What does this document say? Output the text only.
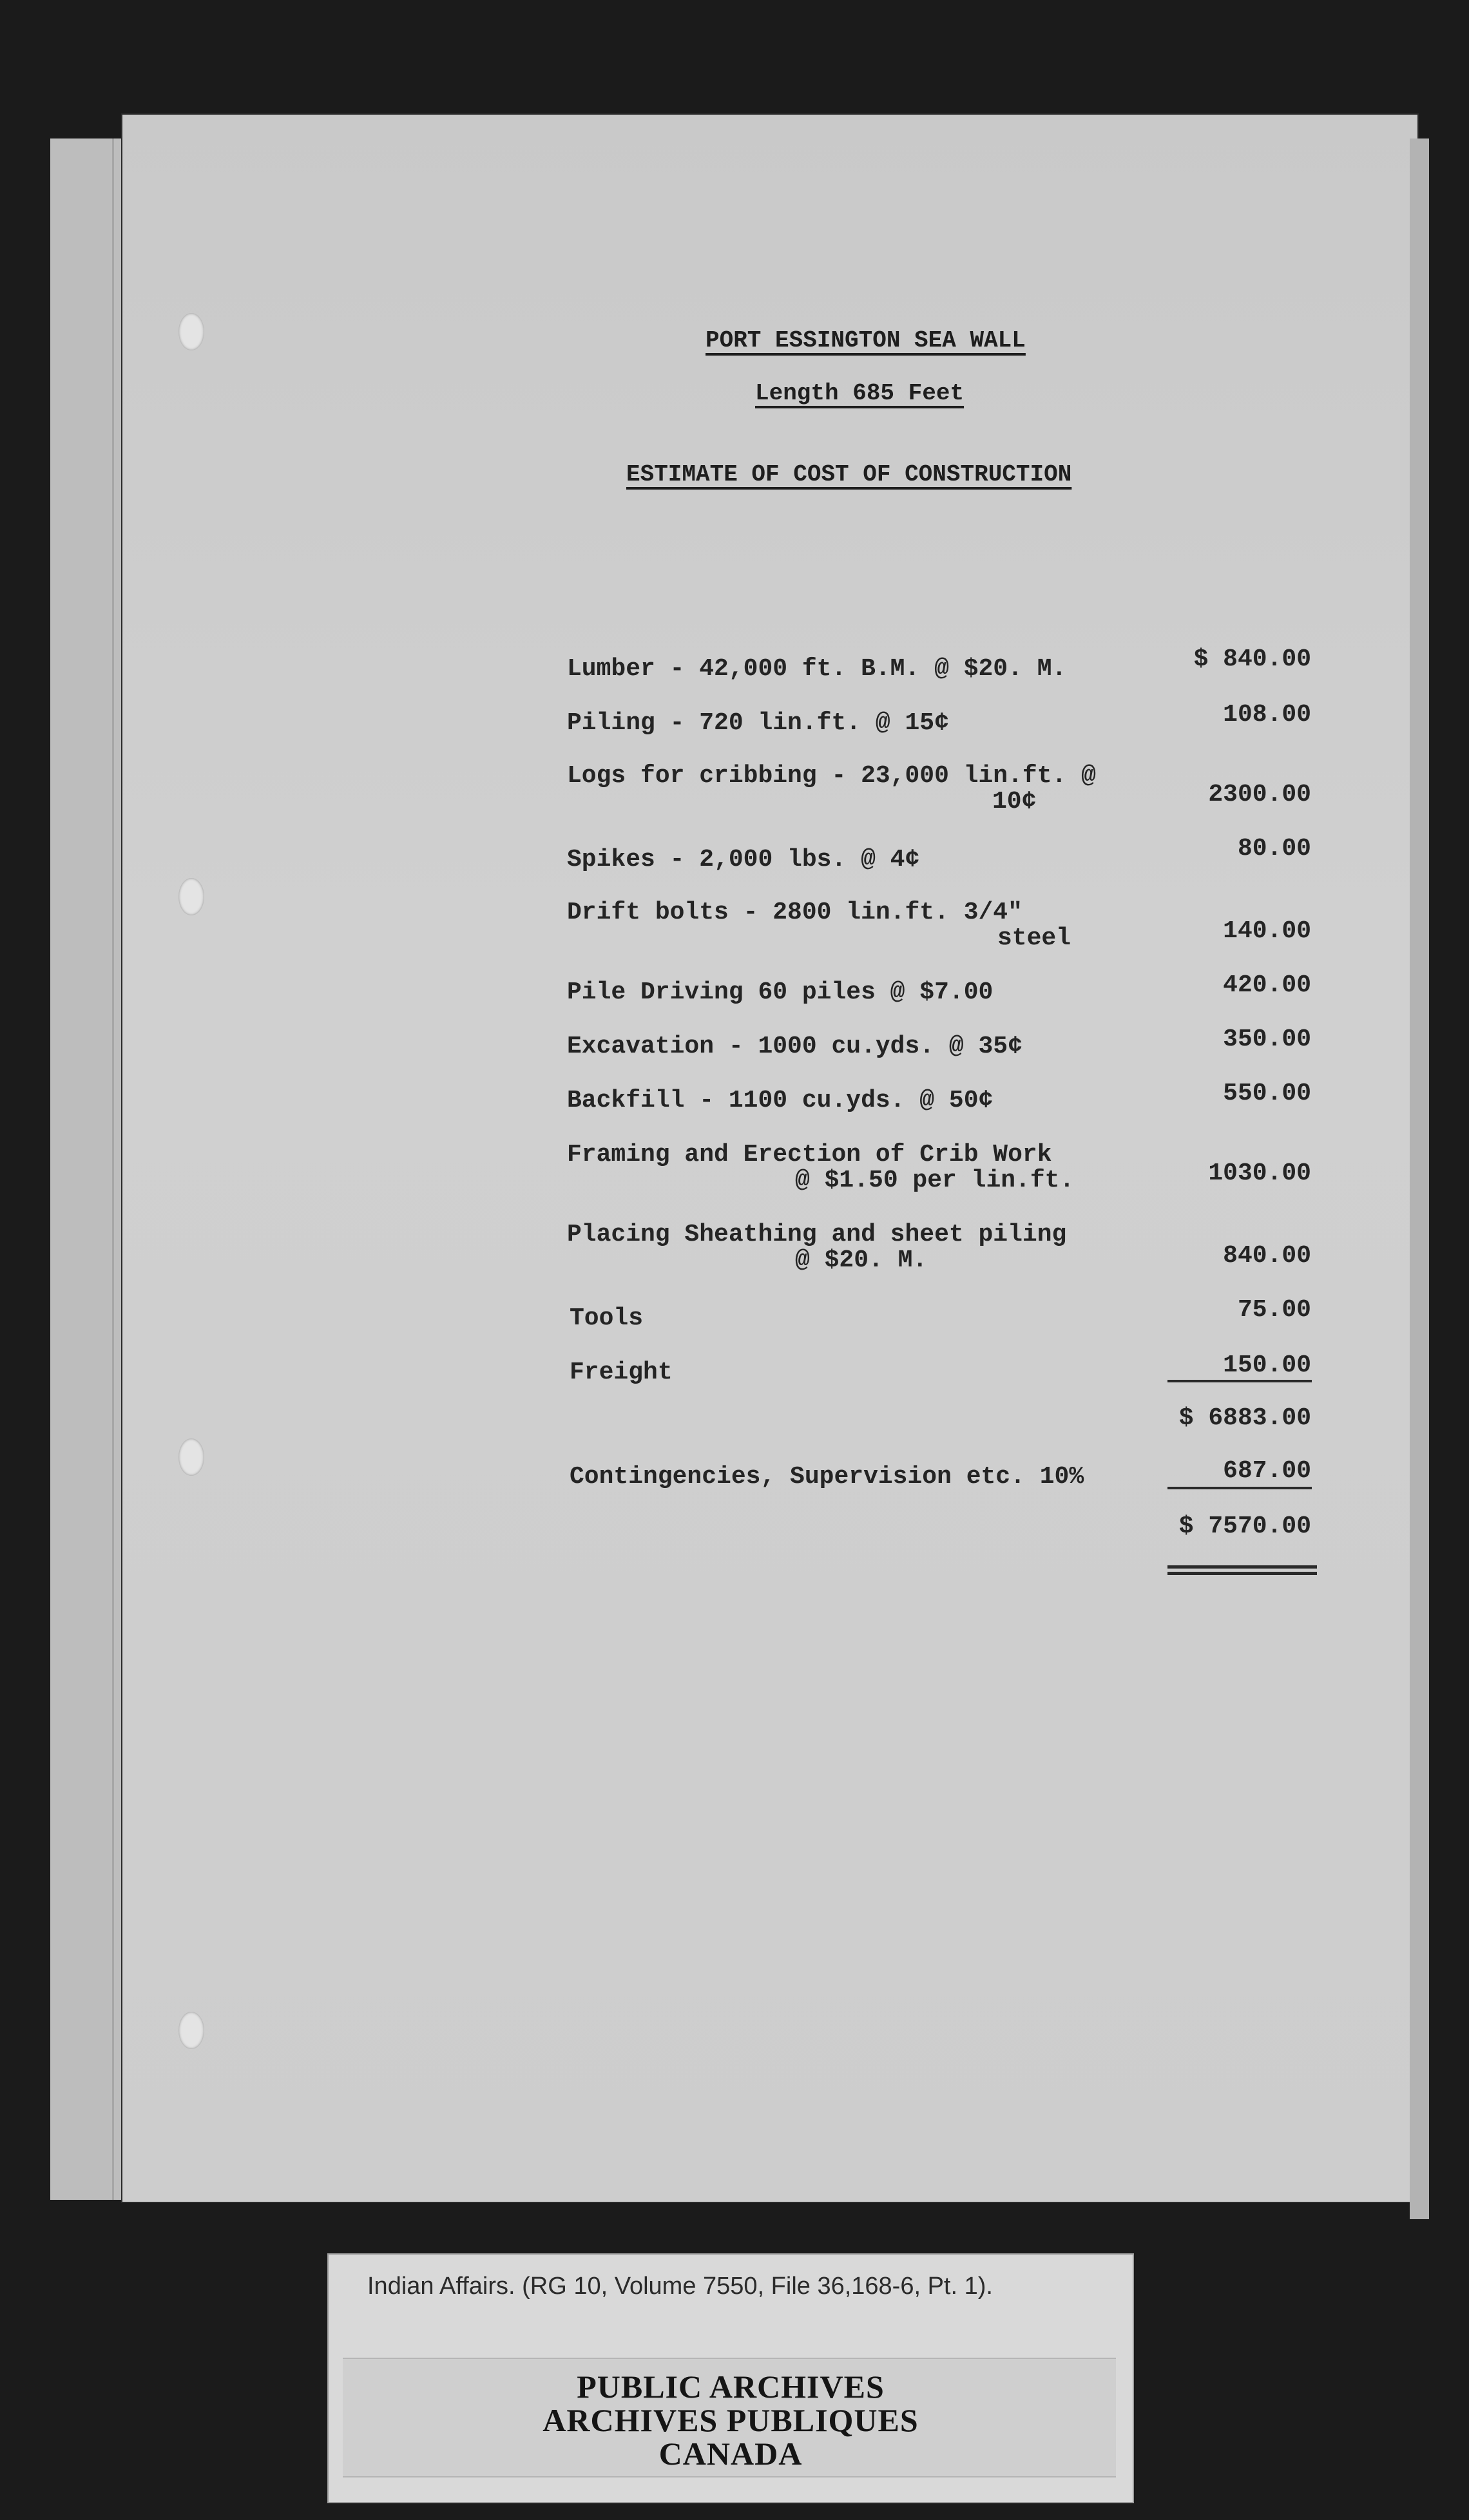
PORT ESSINGTON SEA WALL
Length 685 Feet
ESTIMATE OF COST OF CONSTRUCTION
Lumber - 42,000 ft. B.M. @ $20. M.	$ 840.00
Piling - 720 lin.ft. @ 15¢	108.00
Logs for cribbing - 23,000 lin.ft. @
10¢	2300.00
Spikes - 2,000 lbs. @ 4¢	80.00
Drift bolts - 2800 lin.ft. 3/4"
steel	140.00
Pile Driving 60 piles @ $7.00	420.00
Excavation - 1000 cu.yds. @ 35¢	350.00
Backfill - 1100 cu.yds. @ 50¢	550.00
Framing and Erection of Crib Work
@ $1.50 per lin.ft.	1030.00
Placing Sheathing and sheet piling
@ $20. M.	840.00
Tools	75.00
Freight	150.00
$ 6883.00
Contingencies, Supervision etc. 10%	687.00
$ 7570.00
Indian Affairs. (RG 10, Volume 7550, File 36,168-6, Pt. 1).
PUBLIC ARCHIVES
ARCHIVES PUBLIQUES
CANADA
